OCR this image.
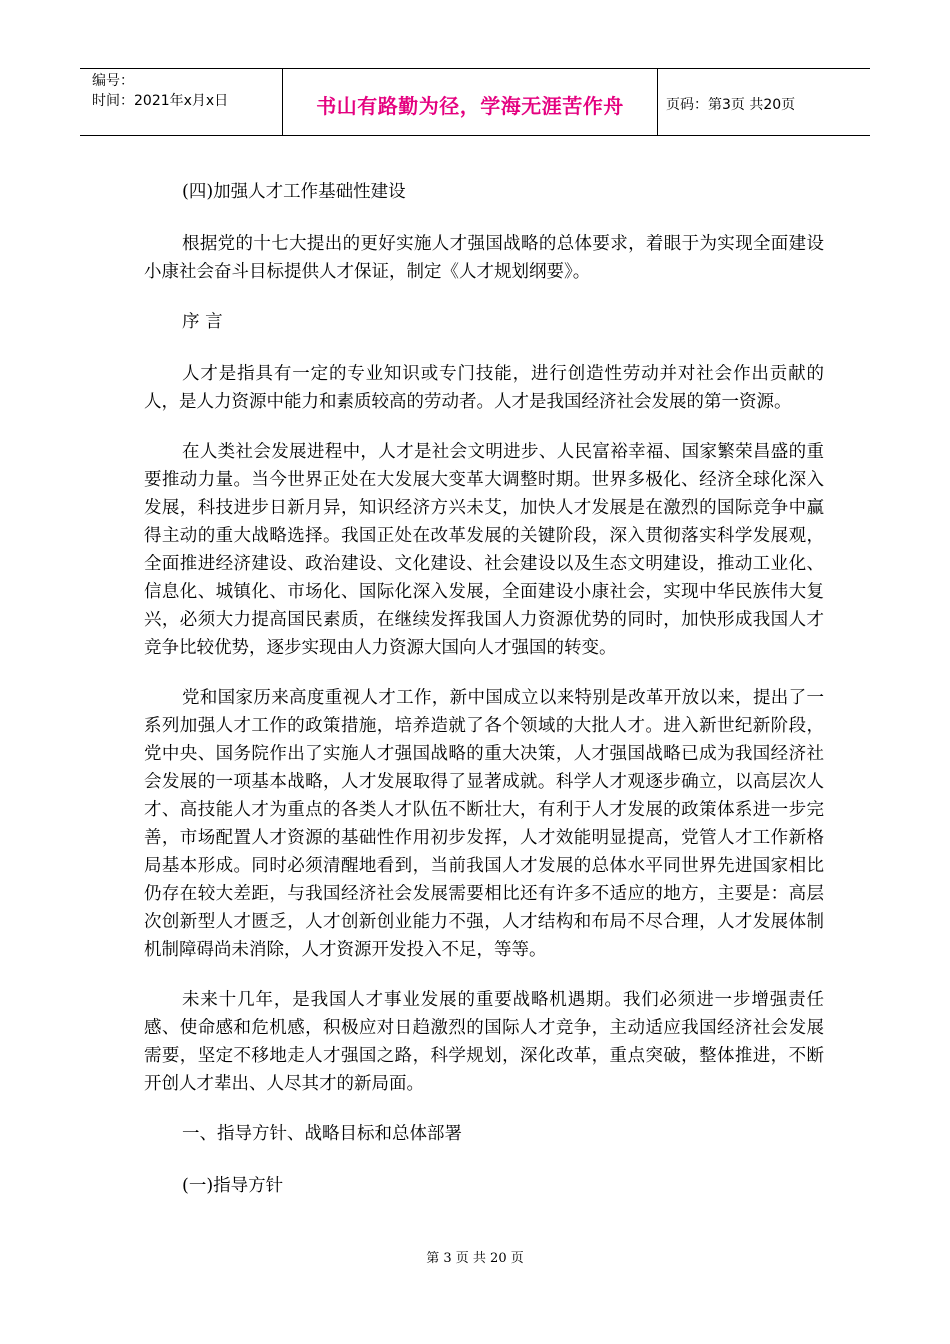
编号：
时间：2021年x月x日	书山有路勤为径，学海无涯苦作舟	页码：第3页 共20页

(四)加强人才工作基础性建设

根据党的十七大提出的更好实施人才强国战略的总体要求，着眼于为实现全面建设小康社会奋斗目标提供人才保证，制定《人才规划纲要》。

序 言

人才是指具有一定的专业知识或专门技能，进行创造性劳动并对社会作出贡献的人，是人力资源中能力和素质较高的劳动者。人才是我国经济社会发展的第一资源。

在人类社会发展进程中，人才是社会文明进步、人民富裕幸福、国家繁荣昌盛的重要推动力量。当今世界正处在大发展大变革大调整时期。世界多极化、经济全球化深入发展，科技进步日新月异，知识经济方兴未艾，加快人才发展是在激烈的国际竞争中赢得主动的重大战略选择。我国正处在改革发展的关键阶段，深入贯彻落实科学发展观，全面推进经济建设、政治建设、文化建设、社会建设以及生态文明建设，推动工业化、信息化、城镇化、市场化、国际化深入发展，全面建设小康社会，实现中华民族伟大复兴，必须大力提高国民素质，在继续发挥我国人力资源优势的同时，加快形成我国人才竞争比较优势，逐步实现由人力资源大国向人才强国的转变。

党和国家历来高度重视人才工作，新中国成立以来特别是改革开放以来，提出了一系列加强人才工作的政策措施，培养造就了各个领域的大批人才。进入新世纪新阶段，党中央、国务院作出了实施人才强国战略的重大决策，人才强国战略已成为我国经济社会发展的一项基本战略，人才发展取得了显著成就。科学人才观逐步确立，以高层次人才、高技能人才为重点的各类人才队伍不断壮大，有利于人才发展的政策体系进一步完善，市场配置人才资源的基础性作用初步发挥，人才效能明显提高，党管人才工作新格局基本形成。同时必须清醒地看到，当前我国人才发展的总体水平同世界先进国家相比仍存在较大差距，与我国经济社会发展需要相比还有许多不适应的地方，主要是：高层次创新型人才匮乏，人才创新创业能力不强，人才结构和布局不尽合理，人才发展体制机制障碍尚未消除，人才资源开发投入不足，等等。

未来十几年，是我国人才事业发展的重要战略机遇期。我们必须进一步增强责任感、使命感和危机感，积极应对日趋激烈的国际人才竞争，主动适应我国经济社会发展需要，坚定不移地走人才强国之路，科学规划，深化改革，重点突破，整体推进，不断开创人才辈出、人尽其才的新局面。

一、指导方针、战略目标和总体部署

(一)指导方针

第 3 页 共 20 页
